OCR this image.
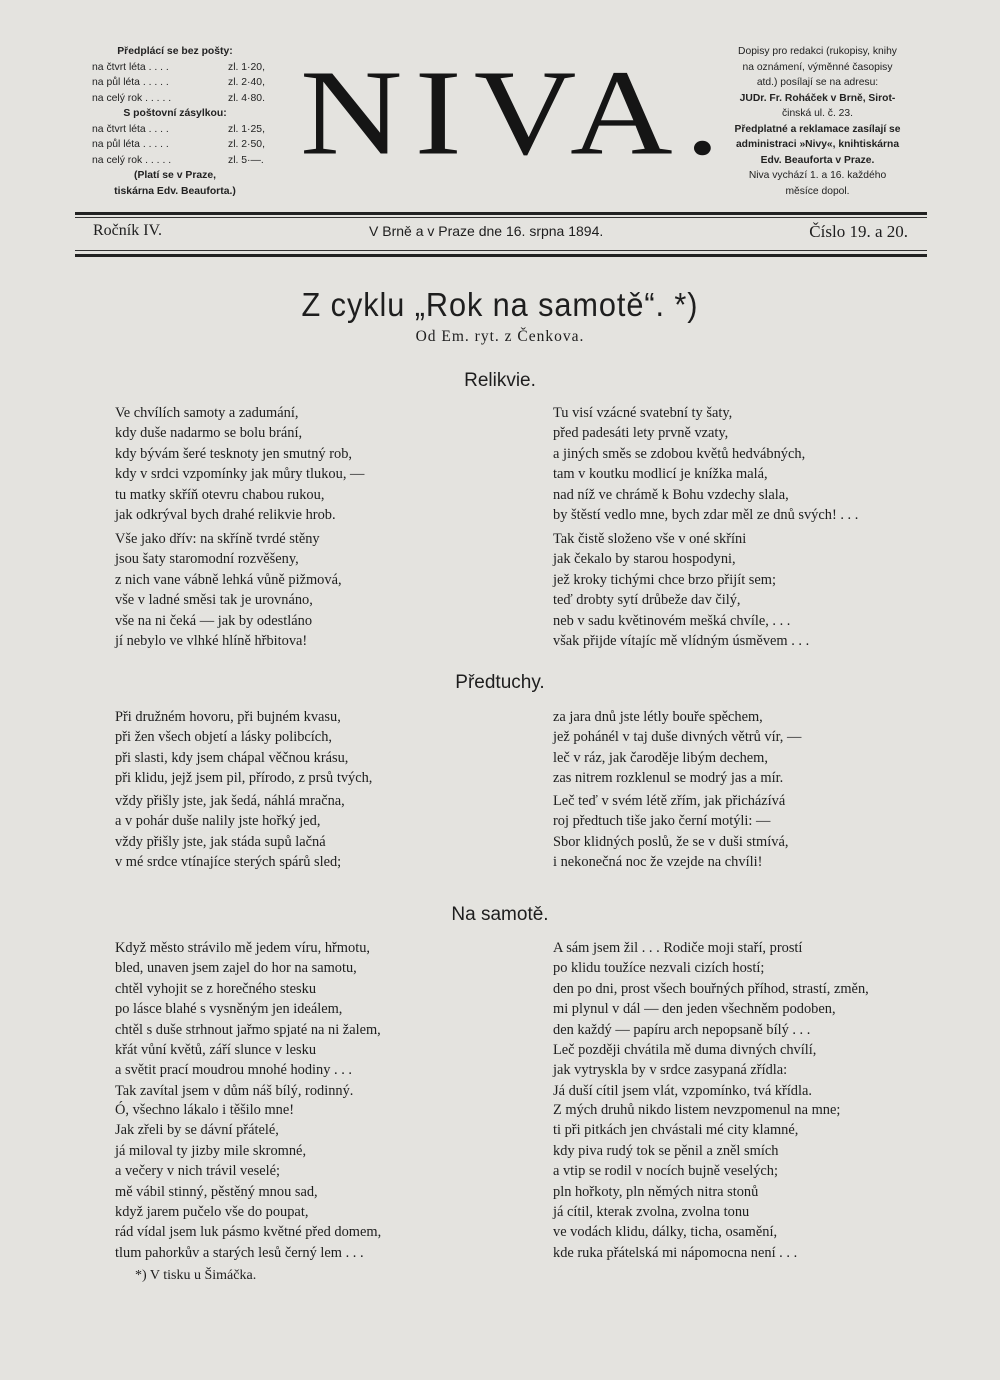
Předplácí se bez pošty:
na čtvrt léta . . . .	zl. 1·20,
na půl léta . . . . .	zl. 2·40,
na celý rok . . . . .	zl. 4·80.
S poštovní zásylkou:
na čtvrt léta . . . .	zl. 1·25,
na půl léta . . . . .	zl. 2·50,
na celý rok . . . . .	zl. 5·—.
(Platí se v Praze,
tiskárna Edv. Beauforta.)
NIVA. Dopisy pro redakci (rukopisy, knihy
na oznámení, výměnné časopisy
atd.) posílají se na adresu:
JUDr. Fr. Roháček v Brně, Sirot-
činská ul. č. 23.
Předplatné a reklamace zasílají se
administraci »Nivy«, knihtiskárna
Edv. Beauforta v Praze.
Niva vychází 1. a 16. každého
měsíce dopol.
Ročník IV.	V Brně a v Praze dne 16. srpna 1894.	Číslo 19. a 20.
Z cyklu „Rok na samotě“. *)
Od Em. ryt. z Čenkova.
Relikvie.
Ve chvílích samoty a zadumání,
kdy duše nadarmo se bolu brání,
kdy bývám šeré tesknoty jen smutný rob,
kdy v srdci vzpomínky jak můry tlukou, —
tu matky skříň otevru chabou rukou,
jak odkrýval bych drahé relikvie hrob.
Vše jako dřív: na skříně tvrdé stěny
jsou šaty staromodní rozvěšeny,
z nich vane vábně lehká vůně pižmová,
vše v ladné směsi tak je urovnáno,
vše na ni čeká — jak by odestláno
jí nebylo ve vlhké hlíně hřbitova!
Tu visí vzácné svatební ty šaty,
před padesáti lety prvně vzaty,
a jiných směs se zdobou květů hedvábných,
tam v koutku modlicí je knížka malá,
nad níž ve chrámě k Bohu vzdechy slala,
by štěstí vedlo mne, bych zdar měl ze dnů svých! . . .
Tak čistě složeno vše v oné skříni
jak čekalo by starou hospodyni,
jež kroky tichými chce brzo přijít sem;
teď drobty sytí drůbeže dav čilý,
neb v sadu květinovém mešká chvíle, . . .
však přijde vítajíc mě vlídným úsměvem . . .
Předtuchy.
Při družném hovoru, při bujném kvasu,
při žen všech objetí a lásky polibcích,
při slasti, kdy jsem chápal věčnou krásu,
při klidu, jejž jsem pil, přírodo, z prsů tvých,
vždy přišly jste, jak šedá, náhlá mračna,
a v pohár duše nalily jste hořký jed,
vždy přišly jste, jak stáda supů lačná
v mé srdce vtínajíce sterých spárů sled;
za jara dnů jste létly bouře spěchem,
jež pohánél v taj duše divných větrů vír, —
leč v ráz, jak čaroděje libým dechem,
zas nitrem rozklenul se modrý jas a mír.
Leč teď v svém létě zřím, jak přicházívá
roj předtuch tiše jako černí motýli: —
Sbor klidných poslů, že se v duši stmívá,
i nekonečná noc že vzejde na chvíli!
Na samotě.
Když město strávilo mě jedem víru, hřmotu,
bled, unaven jsem zajel do hor na samotu,
chtěl vyhojit se z horečného stesku
po lásce blahé s vysněným jen ideálem,
chtěl s duše strhnout jařmo spjaté na ni žalem,
křát vůní květů, září slunce v lesku
a světit prací moudrou mnohé hodiny . . .
Tak zavítal jsem v dům náš bílý, rodinný.
Ó, všechno lákalo i těšilo mne!
Jak zřeli by se dávní přátelé,
já miloval ty jizby mile skromné,
a večery v nich trávil veselé;
mě vábil stinný, pěstěný mnou sad,
když jarem pučelo vše do poupat,
rád vídal jsem luk pásmo květné před domem,
tlum pahorkův a starých lesů černý lem . . .
A sám jsem žil . . . Rodiče moji staří, prostí
po klidu toužíce nezvali cizích hostí;
den po dni, prost všech bouřných příhod, strastí, změn,
mi plynul v dál — den jeden všechněm podoben,
den každý — papíru arch nepopsaně bílý . . .
Leč později chvátila mě duma divných chvílí,
jak vytryskla by v srdce zasypaná zřídla:
Já duší cítil jsem vlát, vzpomínko, tvá křídla.
Z mých druhů nikdo listem nevzpomenul na mne;
ti při pitkách jen chvástali mé city klamné,
kdy piva rudý tok se pěnil a zněl smích
a vtip se rodil v nocích bujně veselých;
pln hořkoty, pln němých nitra stonů
já cítil, kterak zvolna, zvolna tonu
ve vodách klidu, dálky, ticha, osamění,
kde ruka přátelská mi nápomocna není . . .
*) V tisku u Šimáčka.
